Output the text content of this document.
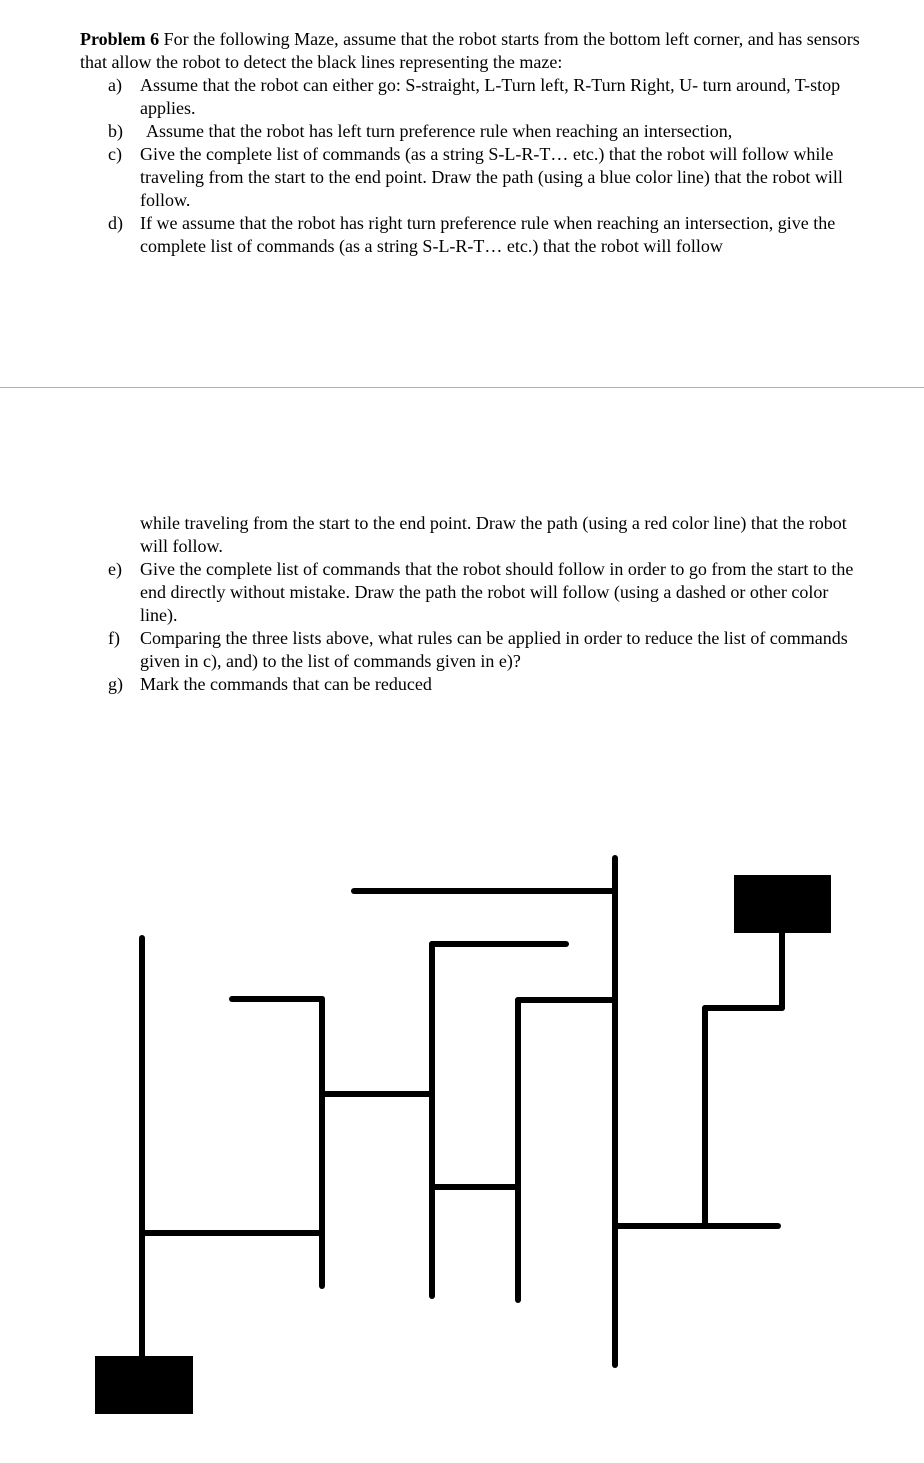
Problem 6 For the following Maze, assume that the robot starts from the bottom left corner, and has sensors that allow the robot to detect the black lines representing the maze:

a) Assume that the robot can either go: S-straight, L-Turn left, R-Turn Right, U- turn around, T-stop applies.
b) Assume that the robot has left turn preference rule when reaching an intersection,
c) Give the complete list of commands (as a string S-L-R-T… etc.) that the robot will follow while traveling from the start to the end point. Draw the path (using a blue color line) that the robot will follow.
d) If we assume that the robot has right turn preference rule when reaching an intersection, give the complete list of commands (as a string S-L-R-T… etc.) that the robot will follow

while traveling from the start to the end point. Draw the path (using a red color line) that the robot will follow.

e) Give the complete list of commands that the robot should follow in order to go from the start to the end directly without mistake. Draw the path the robot will follow (using a dashed or other color line).
f) Comparing the three lists above, what rules can be applied in order to reduce the list of commands given in c), and) to the list of commands given in e)?
g) Mark the commands that can be reduced
